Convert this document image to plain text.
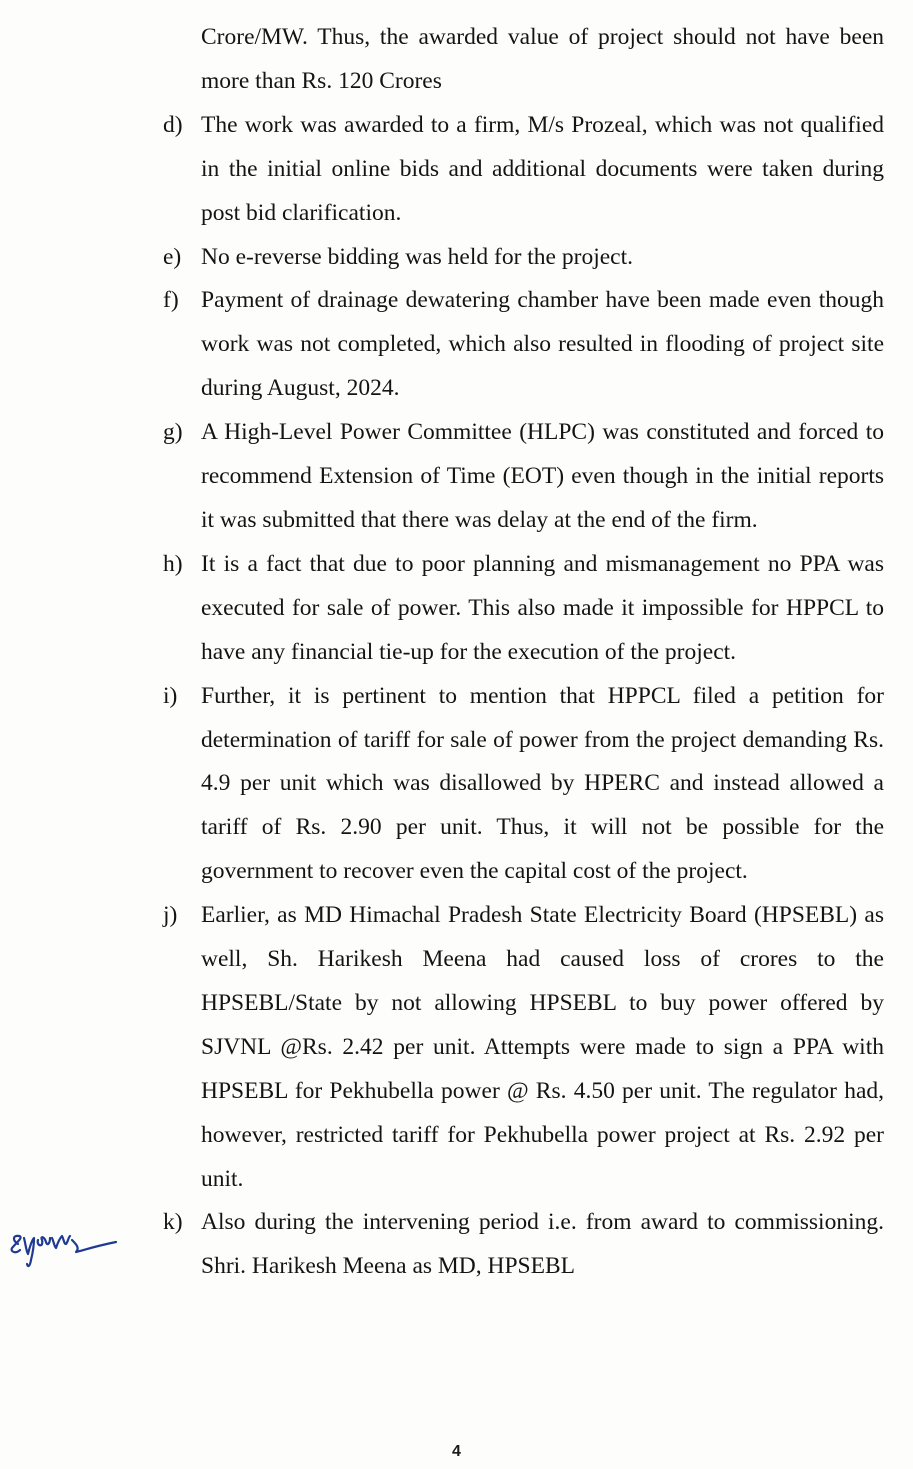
Crore/MW. Thus, the awarded value of project should not have been more than Rs. 120 Crores
d) The work was awarded to a firm, M/s Prozeal, which was not qualified in the initial online bids and additional documents were taken during post bid clarification.
e) No e-reverse bidding was held for the project.
f) Payment of drainage dewatering chamber have been made even though work was not completed, which also resulted in flooding of project site during August, 2024.
g) A High-Level Power Committee (HLPC) was constituted and forced to recommend Extension of Time (EOT) even though in the initial reports it was submitted that there was delay at the end of the firm.
h) It is a fact that due to poor planning and mismanagement no PPA was executed for sale of power. This also made it impossible for HPPCL to have any financial tie-up for the execution of the project.
i) Further, it is pertinent to mention that HPPCL filed a petition for determination of tariff for sale of power from the project demanding Rs. 4.9 per unit which was disallowed by HPERC and instead allowed a tariff of Rs. 2.90 per unit. Thus, it will not be possible for the government to recover even the capital cost of the project.
j) Earlier, as MD Himachal Pradesh State Electricity Board (HPSEBL) as well, Sh. Harikesh Meena had caused loss of crores to the HPSEBL/State by not allowing HPSEBL to buy power offered by SJVNL @Rs. 2.42 per unit. Attempts were made to sign a PPA with HPSEBL for Pekhubella power @ Rs. 4.50 per unit. The regulator had, however, restricted tariff for Pekhubella power project at Rs. 2.92 per unit.
k) Also during the intervening period i.e. from award to commissioning. Shri. Harikesh Meena as MD, HPSEBL
4
